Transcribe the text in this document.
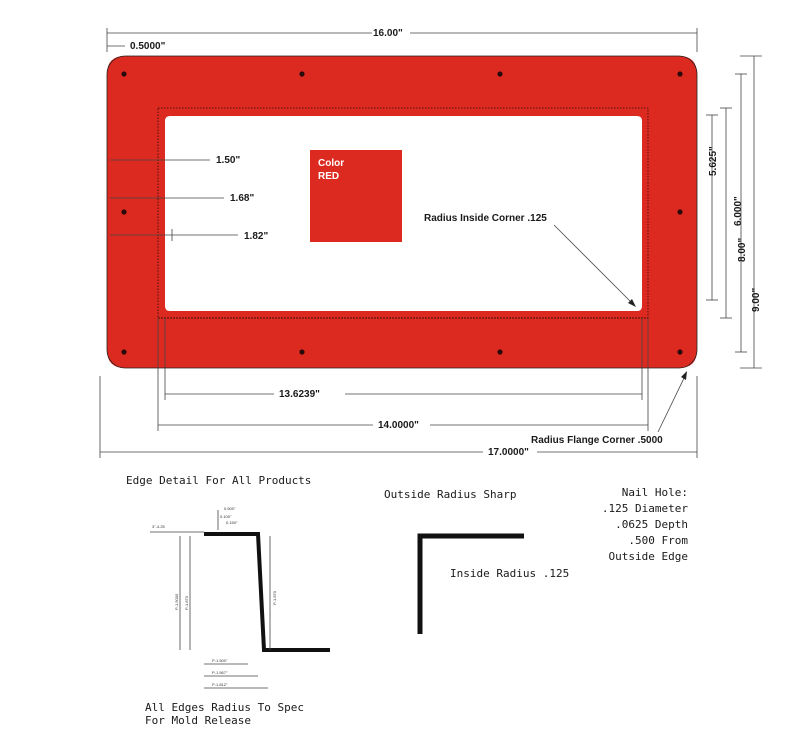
Color
RED
16.00"
0.5000"
1.50"
1.68"
1.82"
Radius Inside Corner .125
5.625"
6.000"
8.00"
9.00"
13.6239"
14.0000"
17.0000"
Radius Flange Corner .5000
Edge Detail For All Products
0.500"
0.150"
0.100"
3"-4.25
P-1.5000 P-1.870	P-1.870
P-1.500"
P-1.567"
P-1.812"
All Edges Radius To Spec
For Mold Release
Outside Radius Sharp
Inside Radius .125
Nail Hole:
.125 Diameter
.0625 Depth
.500 From
Outside Edge
